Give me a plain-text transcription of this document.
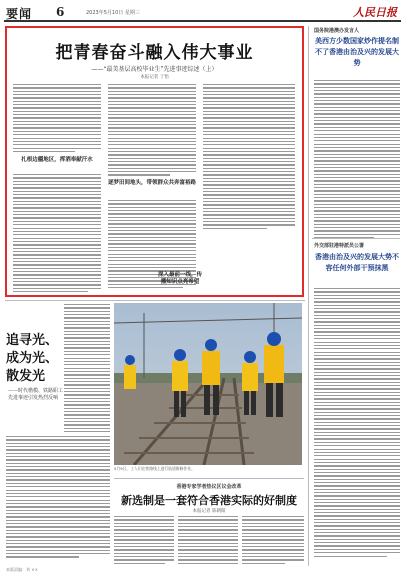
要闻 6	2023年5月10日 星期三	人民日报
把青春奋斗融入伟大事业
——“最美基层高校毕业生”先进事迹综述（上）
本报记者 丁怡
扎根边疆地区，挥洒奉献汗水
逐梦田间地头，带领群众共奔富裕路
深入最前一线，传播知识点亮希望
国务院港澳办发言人
美西方少数国家炒作提名制不了香港由治及兴的发展大势
外交部驻港特派员公署
香港由治及兴的发展大势不容任何外部干预抹黑
追寻光、成为光、散发光
——时代楷模、铁路职工先进事迹引发热烈反响
5月9日，工人们在铁路线上进行轨道维修作业。
香港专家学者热议区议会改革
新选制是一套符合香港实际的好制度
本报记者 陈朝阳
本版责编：刘 ××
